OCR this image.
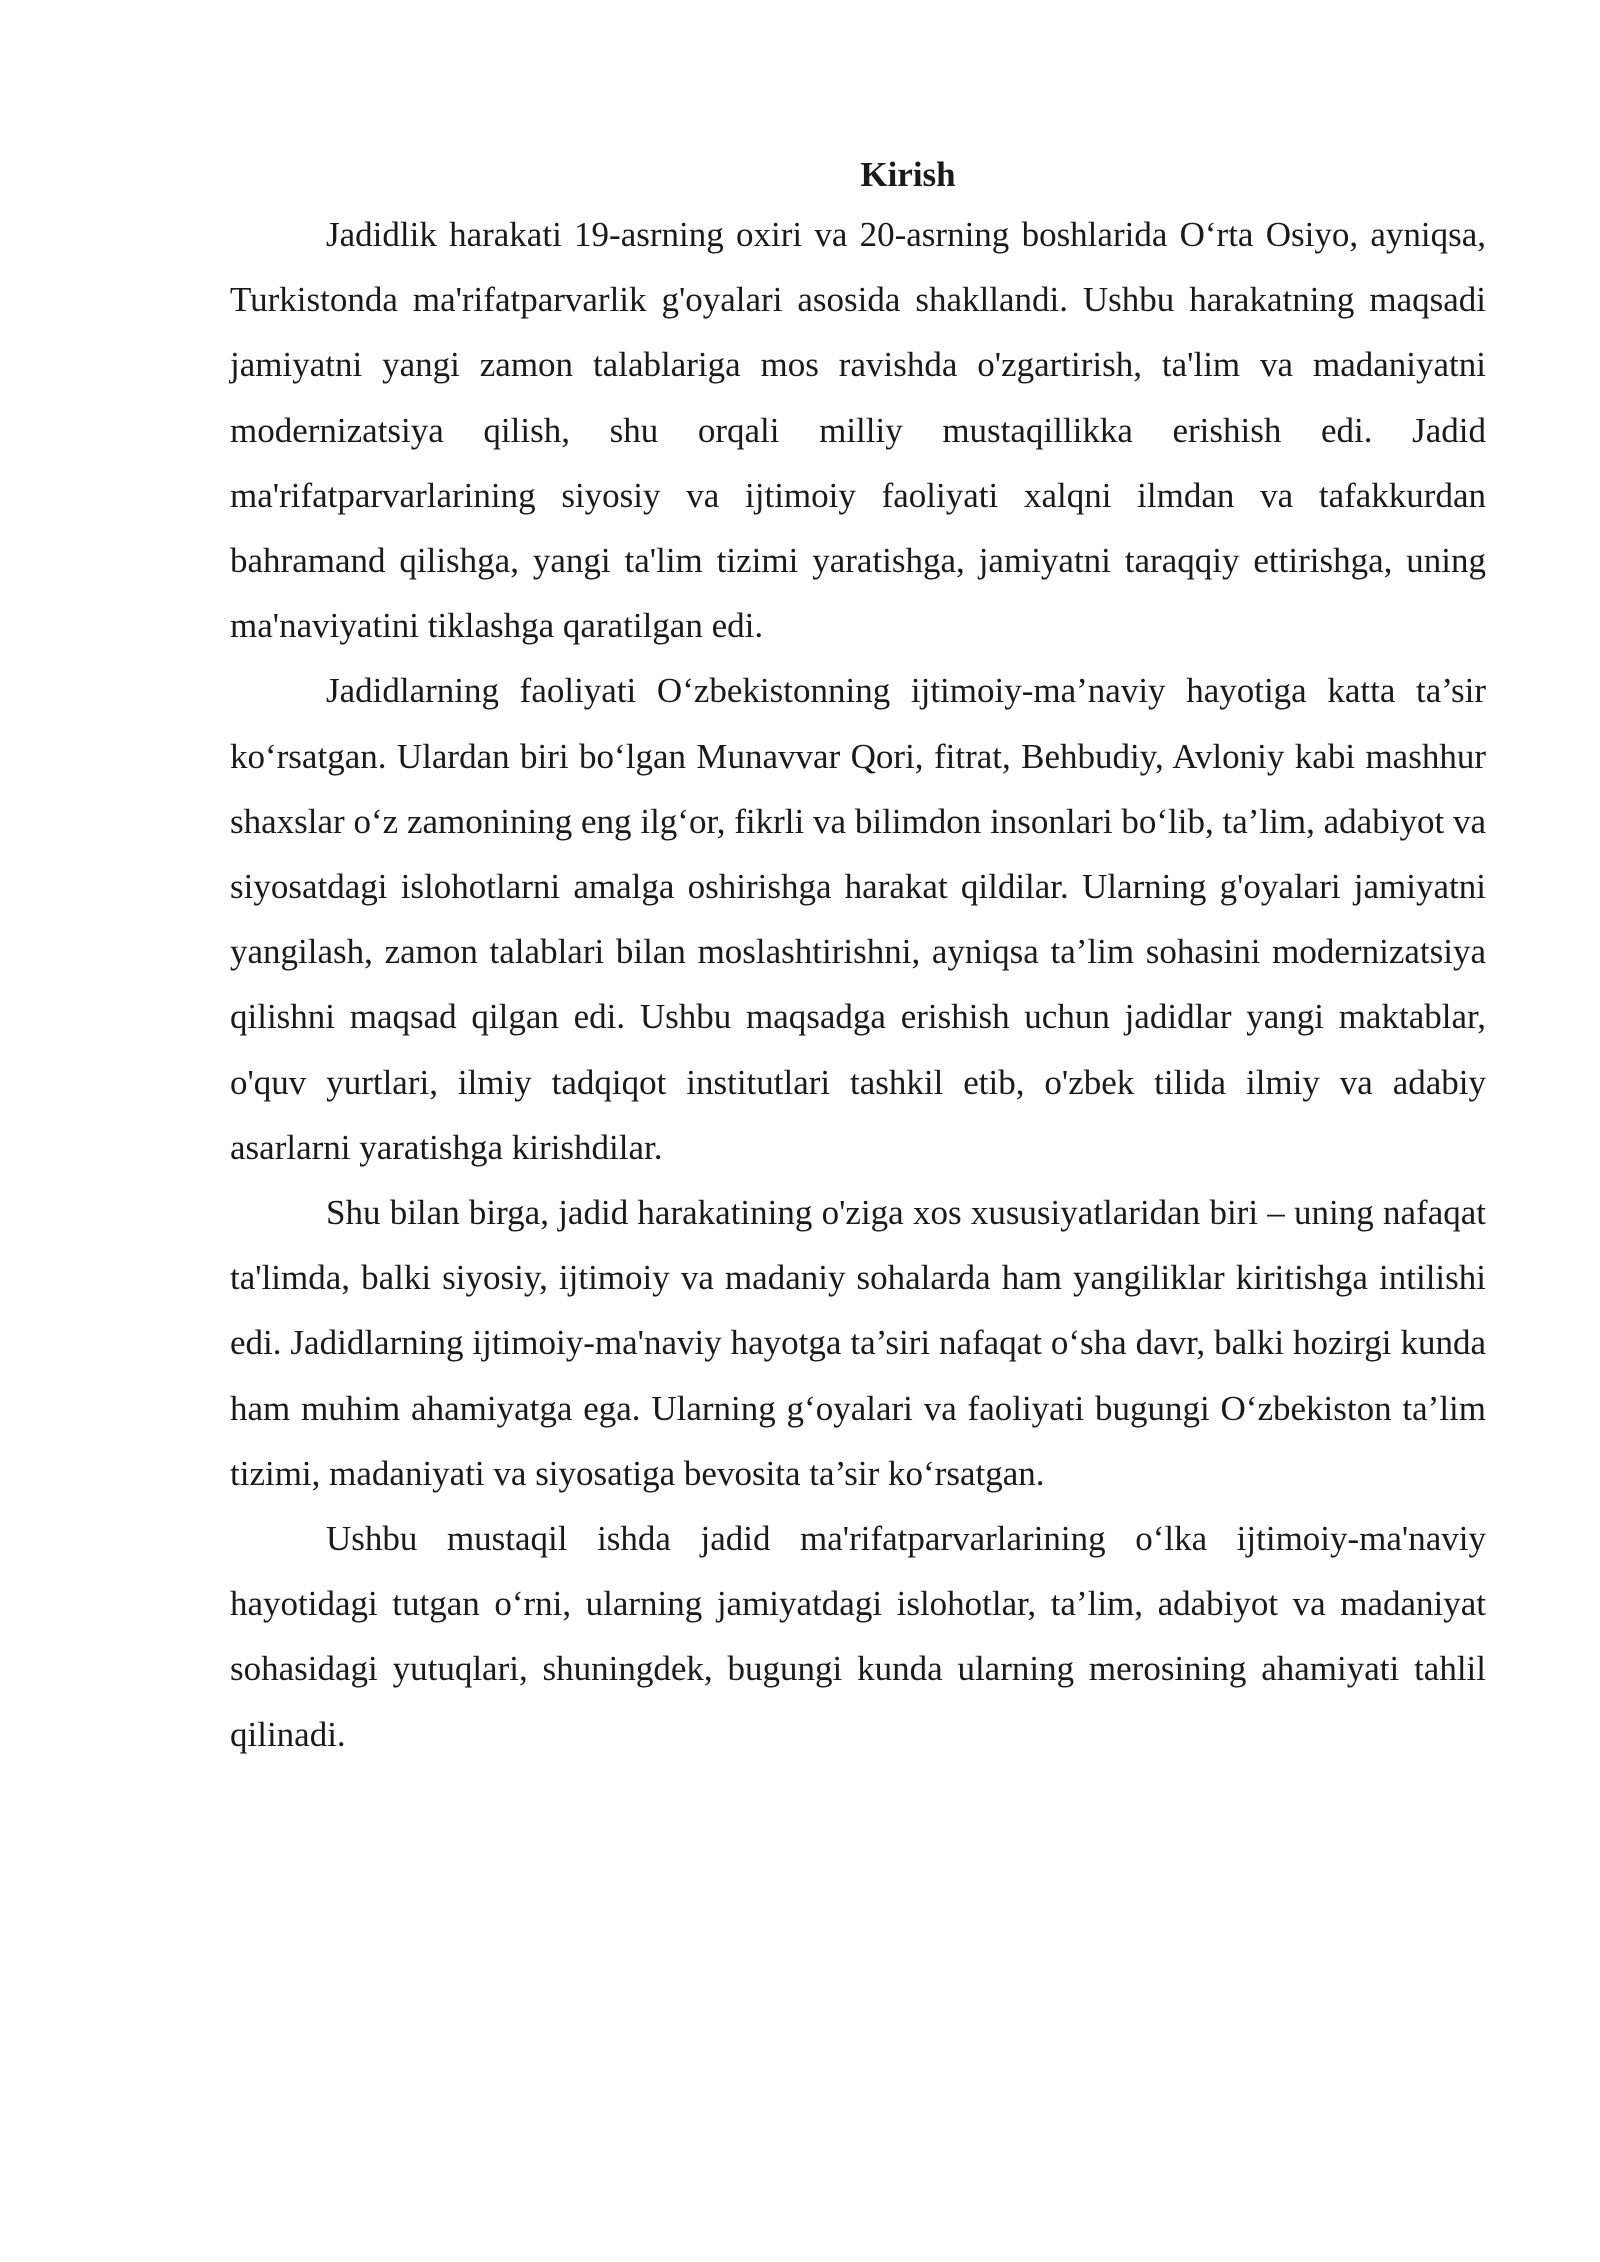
Kirish

Jadidlik harakati 19-asrning oxiri va 20-asrning boshlarida O‘rta Osiyo, ayniqsa, Turkistonda ma'rifatparvarlik g'oyalari asosida shakllandi. Ushbu harakatning maqsadi jamiyatni yangi zamon talablariga mos ravishda o'zgartirish, ta'lim va madaniyatni modernizatsiya qilish, shu orqali milliy mustaqillikka erishish edi. Jadid ma'rifatparvarlarining siyosiy va ijtimoiy faoliyati xalqni ilmdan va tafakkurdan bahramand qilishga, yangi ta'lim tizimi yaratishga, jamiyatni taraqqiy ettirishga, uning ma'naviyatini tiklashga qaratilgan edi.

Jadidlarning faoliyati O‘zbekistonning ijtimoiy-ma’naviy hayotiga katta ta’sir ko‘rsatgan. Ulardan biri bo‘lgan Munavvar Qori, fitrat, Behbudiy, Avloniy kabi mashhur shaxslar o‘z zamonining eng ilg‘or, fikrli va bilimdon insonlari bo‘lib, ta’lim, adabiyot va siyosatdagi islohotlarni amalga oshirishga harakat qildilar. Ularning g'oyalari jamiyatni yangilash, zamon talablari bilan moslashtirishni, ayniqsa ta’lim sohasini modernizatsiya qilishni maqsad qilgan edi. Ushbu maqsadga erishish uchun jadidlar yangi maktablar, o'quv yurtlari, ilmiy tadqiqot institutlari tashkil etib, o'zbek tilida ilmiy va adabiy asarlarni yaratishga kirishdilar.

Shu bilan birga, jadid harakatining o'ziga xos xususiyatlaridan biri – uning nafaqat ta'limda, balki siyosiy, ijtimoiy va madaniy sohalarda ham yangiliklar kiritishga intilishi edi. Jadidlarning ijtimoiy-ma'naviy hayotga ta’siri nafaqat o‘sha davr, balki hozirgi kunda ham muhim ahamiyatga ega. Ularning g‘oyalari va faoliyati bugungi O‘zbekiston ta’lim tizimi, madaniyati va siyosatiga bevosita ta’sir ko‘rsatgan.

Ushbu mustaqil ishda jadid ma'rifatparvarlarining o‘lka ijtimoiy-ma'naviy hayotidagi tutgan o‘rni, ularning jamiyatdagi islohotlar, ta’lim, adabiyot va madaniyat sohasidagi yutuqlari, shuningdek, bugungi kunda ularning merosining ahamiyati tahlil qilinadi.
